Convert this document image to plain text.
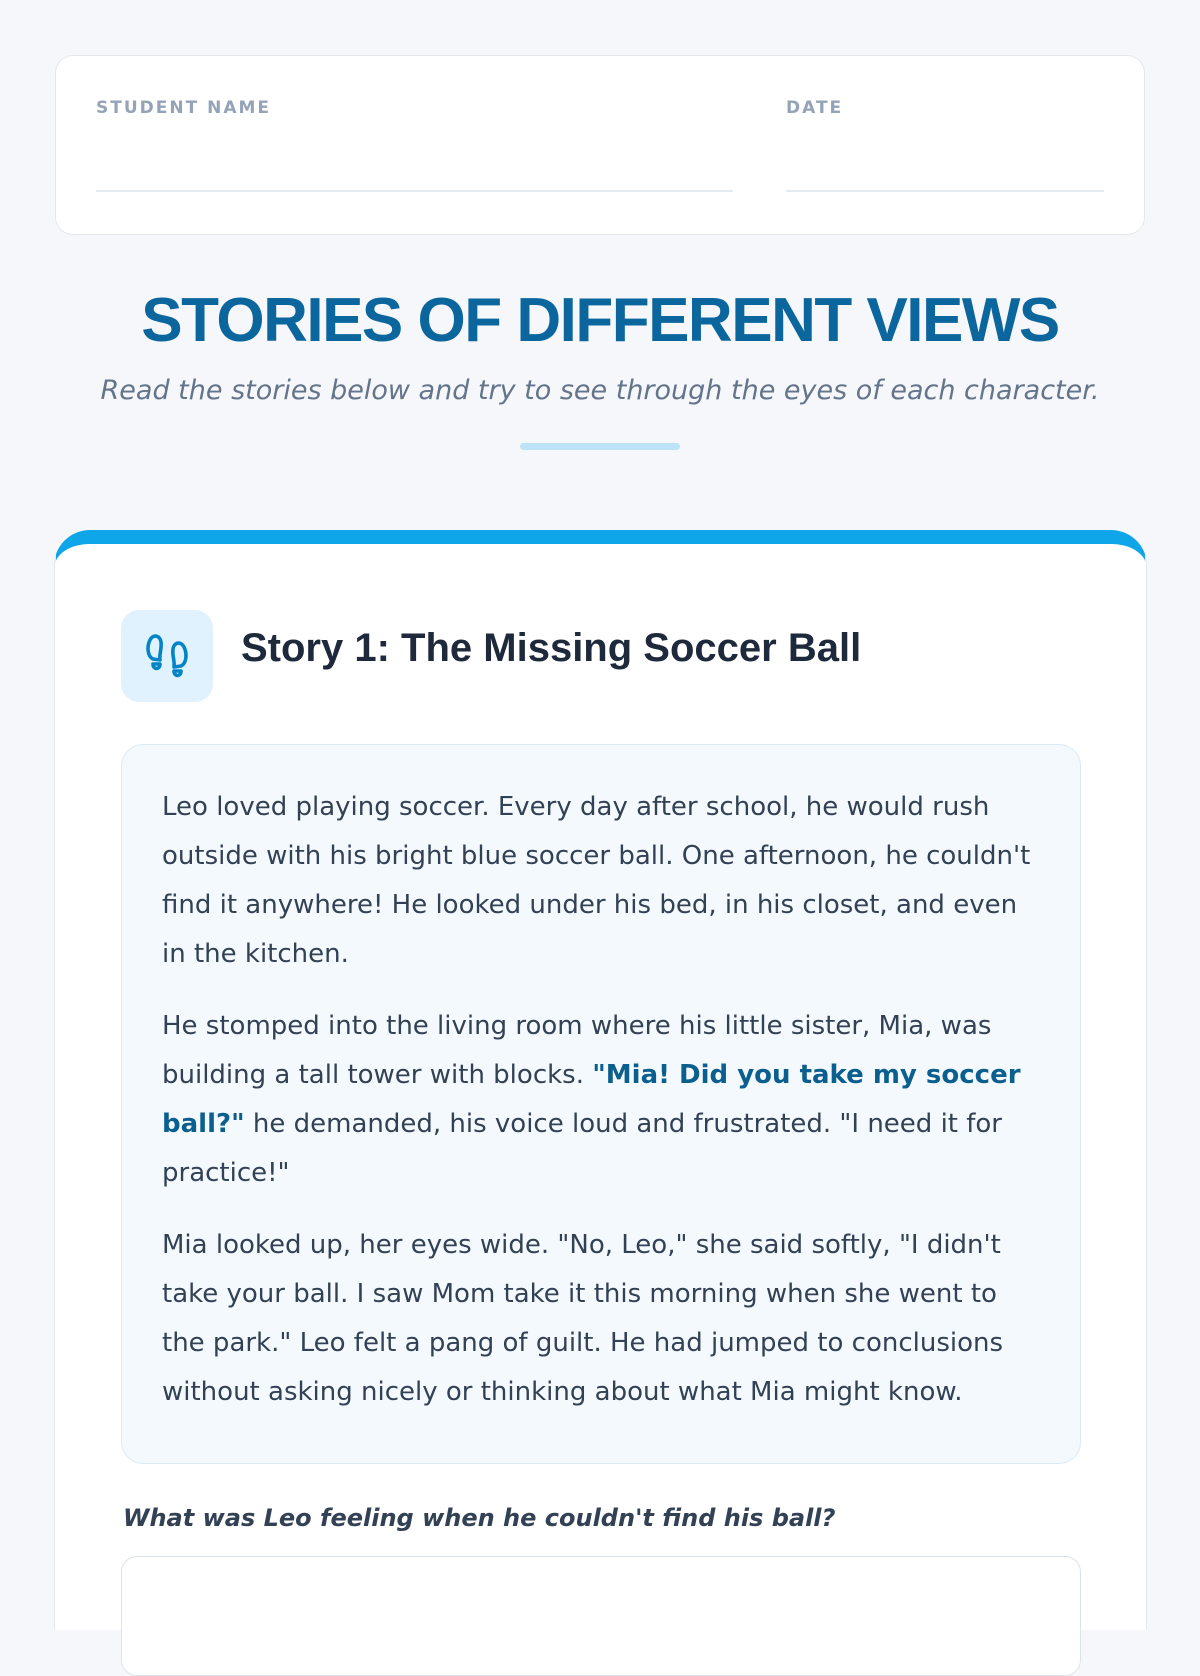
STUDENT NAME	DATE
STORIES OF DIFFERENT VIEWS

Read the stories below and try to see through the eyes of each character.

Story 1: The Missing Soccer Ball

Leo loved playing soccer. Every day after school, he would rush outside with his bright blue soccer ball. One afternoon, he couldn't find it anywhere! He looked under his bed, in his closet, and even in the kitchen.

He stomped into the living room where his little sister, Mia, was building a tall tower with blocks. "Mia! Did you take my soccer ball?" he demanded, his voice loud and frustrated. "I need it for practice!"

Mia looked up, her eyes wide. "No, Leo," she said softly, "I didn't take your ball. I saw Mom take it this morning when she went to the park." Leo felt a pang of guilt. He had jumped to conclusions without asking nicely or thinking about what Mia might know.

What was Leo feeling when he couldn't find his ball?
